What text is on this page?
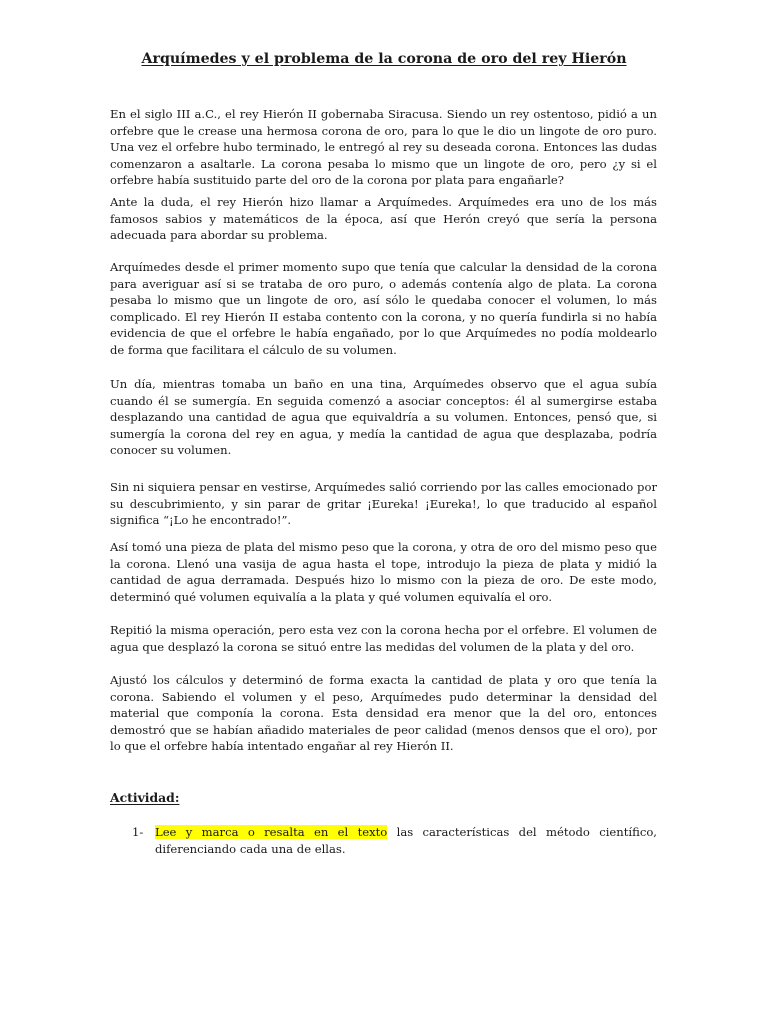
Arquímedes y el problema de la corona de oro del rey Hierón

En el siglo III a.C., el rey Hierón II gobernaba Siracusa. Siendo un rey ostentoso, pidió a un orfebre que le crease una hermosa corona de oro, para lo que le dio un lingote de oro puro. Una vez el orfebre hubo terminado, le entregó al rey su deseada corona. Entonces las dudas comenzaron a asaltarle. La corona pesaba lo mismo que un lingote de oro, pero ¿y si el orfebre había sustituido parte del oro de la corona por plata para engañarle?

Ante la duda, el rey Hierón hizo llamar a Arquímedes. Arquímedes era uno de los más famosos sabios y matemáticos de la época, así que Herón creyó que sería la persona adecuada para abordar su problema.

Arquímedes desde el primer momento supo que tenía que calcular la densidad de la corona para averiguar así si se trataba de oro puro, o además contenía algo de plata. La corona pesaba lo mismo que un lingote de oro, así sólo le quedaba conocer el volumen, lo más complicado. El rey Hierón II estaba contento con la corona, y no quería fundirla si no había evidencia de que el orfebre le había engañado, por lo que Arquímedes no podía moldearlo de forma que facilitara el cálculo de su volumen.

Un día, mientras tomaba un baño en una tina, Arquímedes observo que el agua subía cuando él se sumergía. En seguida comenzó a asociar conceptos: él al sumergirse estaba desplazando una cantidad de agua que equivaldría a su volumen. Entonces, pensó que, si sumergía la corona del rey en agua, y medía la cantidad de agua que desplazaba, podría conocer su volumen.

Sin ni siquiera pensar en vestirse, Arquímedes salió corriendo por las calles emocionado por su descubrimiento, y sin parar de gritar ¡Eureka! ¡Eureka!, lo que traducido al español significa “¡Lo he encontrado!”.

Así tomó una pieza de plata del mismo peso que la corona, y otra de oro del mismo peso que la corona. Llenó una vasija de agua hasta el tope, introdujo la pieza de plata y midió la cantidad de agua derramada. Después hizo lo mismo con la pieza de oro. De este modo, determinó qué volumen equivalía a la plata y qué volumen equivalía el oro.

Repitió la misma operación, pero esta vez con la corona hecha por el orfebre. El volumen de agua que desplazó la corona se situó entre las medidas del volumen de la plata y del oro.

Ajustó los cálculos y determinó de forma exacta la cantidad de plata y oro que tenía la corona. Sabiendo el volumen y el peso, Arquímedes pudo determinar la densidad del material que componía la corona. Esta densidad era menor que la del oro, entonces demostró que se habían añadido materiales de peor calidad (menos densos que el oro), por lo que el orfebre había intentado engañar al rey Hierón II.

Actividad:
1- Lee y marca o resalta en el texto las características del método científico, diferenciando cada una de ellas.
